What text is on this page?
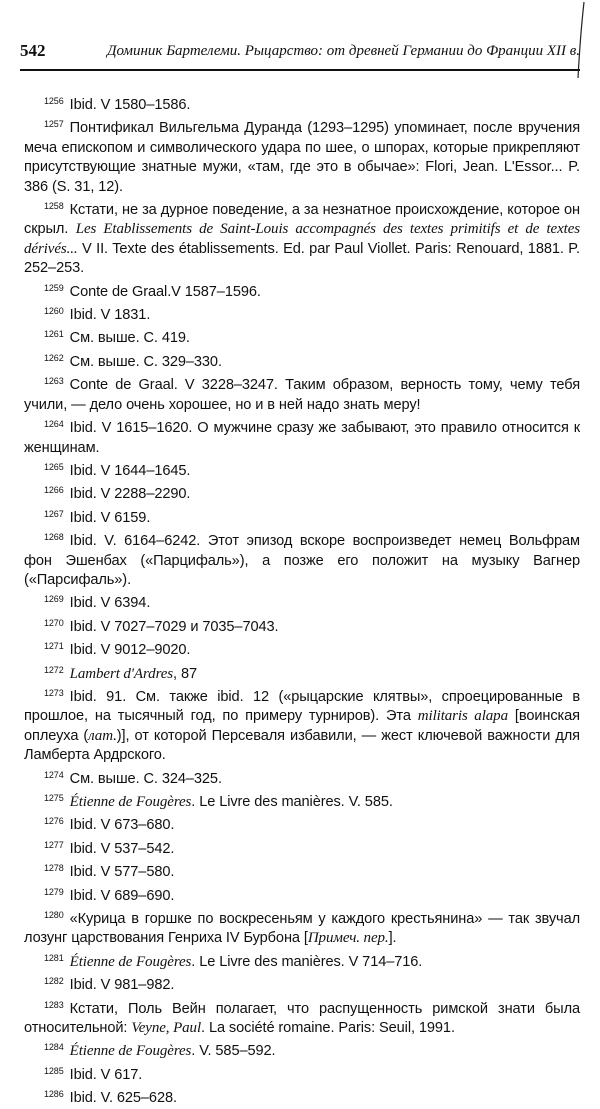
542	Доминик Бартелеми. Рыцарство: от древней Германии до Франции XII в.

$^{1256}$ Ibid. V 1580–1586.

$^{1257}$ Понтификал Вильгельма Дуранда (1293–1295) упоминает, после вручения меча епископом и символического удара по шее, о шпорах, которые прикрепляют присутствующие знатные мужи, «там, где это в обычае»: Flori, Jean. L'Essor... P. 386 (S. 31, 12).

$^{1258}$ Кстати, не за дурное поведение, а за незнатное происхождение, которое он скрыл. Les Etablissements de Saint-Louis accompagnés des textes primitifs et de textes dérivés... V II. Texte des établissements. Ed. par Paul Viollet. Paris: Renouard, 1881. P. 252–253.

$^{1259}$ Conte de Graal.V 1587–1596.

$^{1260}$ Ibid. V 1831.

$^{1261}$ См. выше. С. 419.

$^{1262}$ См. выше. С. 329–330.

$^{1263}$ Conte de Graal. V 3228–3247. Таким образом, верность тому, чему тебя учили, — дело очень хорошее, но и в ней надо знать меру!

$^{1264}$ Ibid. V 1615–1620. О мужчине сразу же забывают, это правило относится к женщинам.

$^{1265}$ Ibid. V 1644–1645.

$^{1266}$ Ibid. V 2288–2290.

$^{1267}$ Ibid. V 6159.

$^{1268}$ Ibid. V. 6164–6242. Этот эпизод вскоре воспроизведет немец Вольфрам фон Эшенбах («Парцифаль»), а позже его положит на музыку Вагнер («Парсифаль»).

$^{1269}$ Ibid. V 6394.

$^{1270}$ Ibid. V 7027–7029 и 7035–7043.

$^{1271}$ Ibid. V 9012–9020.

$^{1272}$ Lambert d'Ardres, 87

$^{1273}$ Ibid. 91. См. также ibid. 12 («рыцарские клятвы», спроецированные в прошлое, на тысячный год, по примеру турниров). Эта militaris alapa [воинская оплеуха (лат.)], от которой Персеваля избавили, — жест ключевой важности для Ламберта Ардрского.

$^{1274}$ См. выше. С. 324–325.

$^{1275}$ Étienne de Fougères. Le Livre des manières. V. 585.

$^{1276}$ Ibid. V 673–680.

$^{1277}$ Ibid. V 537–542.

$^{1278}$ Ibid. V 577–580.

$^{1279}$ Ibid. V 689–690.

$^{1280}$ «Курица в горшке по воскресеньям у каждого крестьянина» — так звучал лозунг царствования Генриха IV Бурбона [Примеч. пер.].

$^{1281}$ Étienne de Fougères. Le Livre des manières. V 714–716.

$^{1282}$ Ibid. V 981–982.

$^{1283}$ Кстати, Поль Вейн полагает, что распущенность римской знати была относительной: Veyne, Paul. La société romaine. Paris: Seuil, 1991.

$^{1284}$ Étienne de Fougères. V. 585–592.

$^{1285}$ Ibid. V 617.

$^{1286}$ Ibid. V. 625–628.
